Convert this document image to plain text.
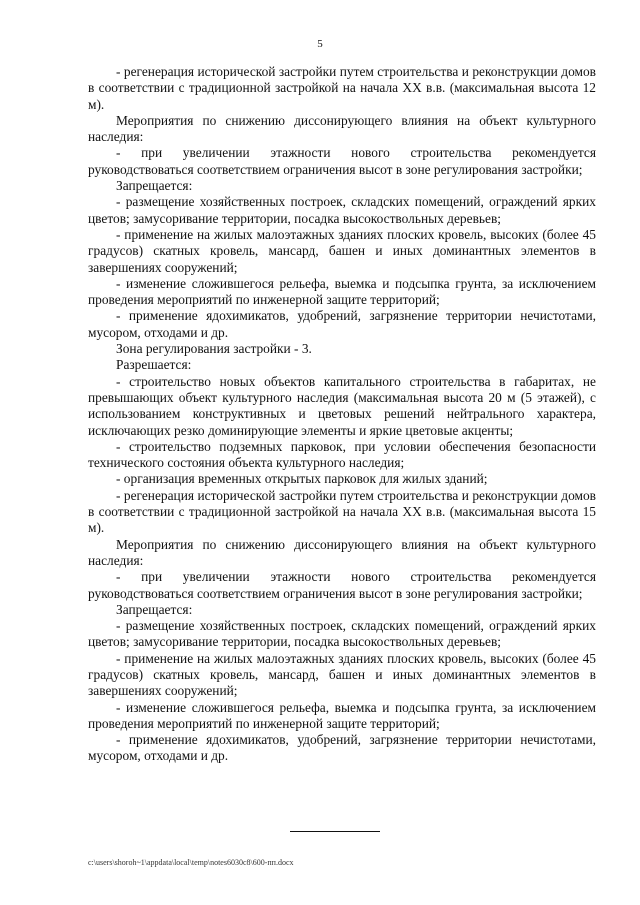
5

- регенерация исторической застройки путем строительства и реконструкции домов в соответствии с традиционной застройкой на начала XX в.в. (максимальная высота 12 м).

Мероприятия по снижению диссонирующего влияния на объект культурного наследия:

- при увеличении этажности нового строительства рекомендуется руководствоваться соответствием ограничения высот в зоне регулирования застройки;

Запрещается:

- размещение хозяйственных построек, складских помещений, ограждений ярких цветов; замусоривание территории, посадка высокоствольных деревьев;

- применение на жилых малоэтажных зданиях плоских кровель, высоких (более 45 градусов) скатных кровель, мансард, башен и иных доминантных элементов в завершениях сооружений;

- изменение сложившегося рельефа, выемка и подсыпка грунта, за исключением проведения мероприятий по инженерной защите территорий;

- применение ядохимикатов, удобрений, загрязнение территории нечистотами, мусором, отходами и др.

Зона регулирования застройки - 3.

Разрешается:

- строительство новых объектов капитального строительства в габаритах, не превышающих объект культурного наследия (максимальная высота 20 м (5 этажей), с использованием конструктивных и цветовых решений нейтрального характера, исключающих резко доминирующие элементы и яркие цветовые акценты;

- строительство подземных парковок, при условии обеспечения безопасности технического состояния объекта культурного наследия;

- организация временных открытых парковок для жилых зданий;

- регенерация исторической застройки путем строительства и реконструкции домов в соответствии с традиционной застройкой на начала XX в.в. (максимальная высота 15 м).

Мероприятия по снижению диссонирующего влияния на объект культурного наследия:

- при увеличении этажности нового строительства рекомендуется руководствоваться соответствием ограничения высот в зоне регулирования застройки;

Запрещается:

- размещение хозяйственных построек, складских помещений, ограждений ярких цветов; замусоривание территории, посадка высокоствольных деревьев;

- применение на жилых малоэтажных зданиях плоских кровель, высоких (более 45 градусов) скатных кровель, мансард, башен и иных доминантных элементов в завершениях сооружений;

- изменение сложившегося рельефа, выемка и подсыпка грунта, за исключением проведения мероприятий по инженерной защите территорий;

- применение ядохимикатов, удобрений, загрязнение территории нечистотами, мусором, отходами и др.

c:\users\shoroh~1\appdata\local\temp\notes6030c8\600-пп.docx
